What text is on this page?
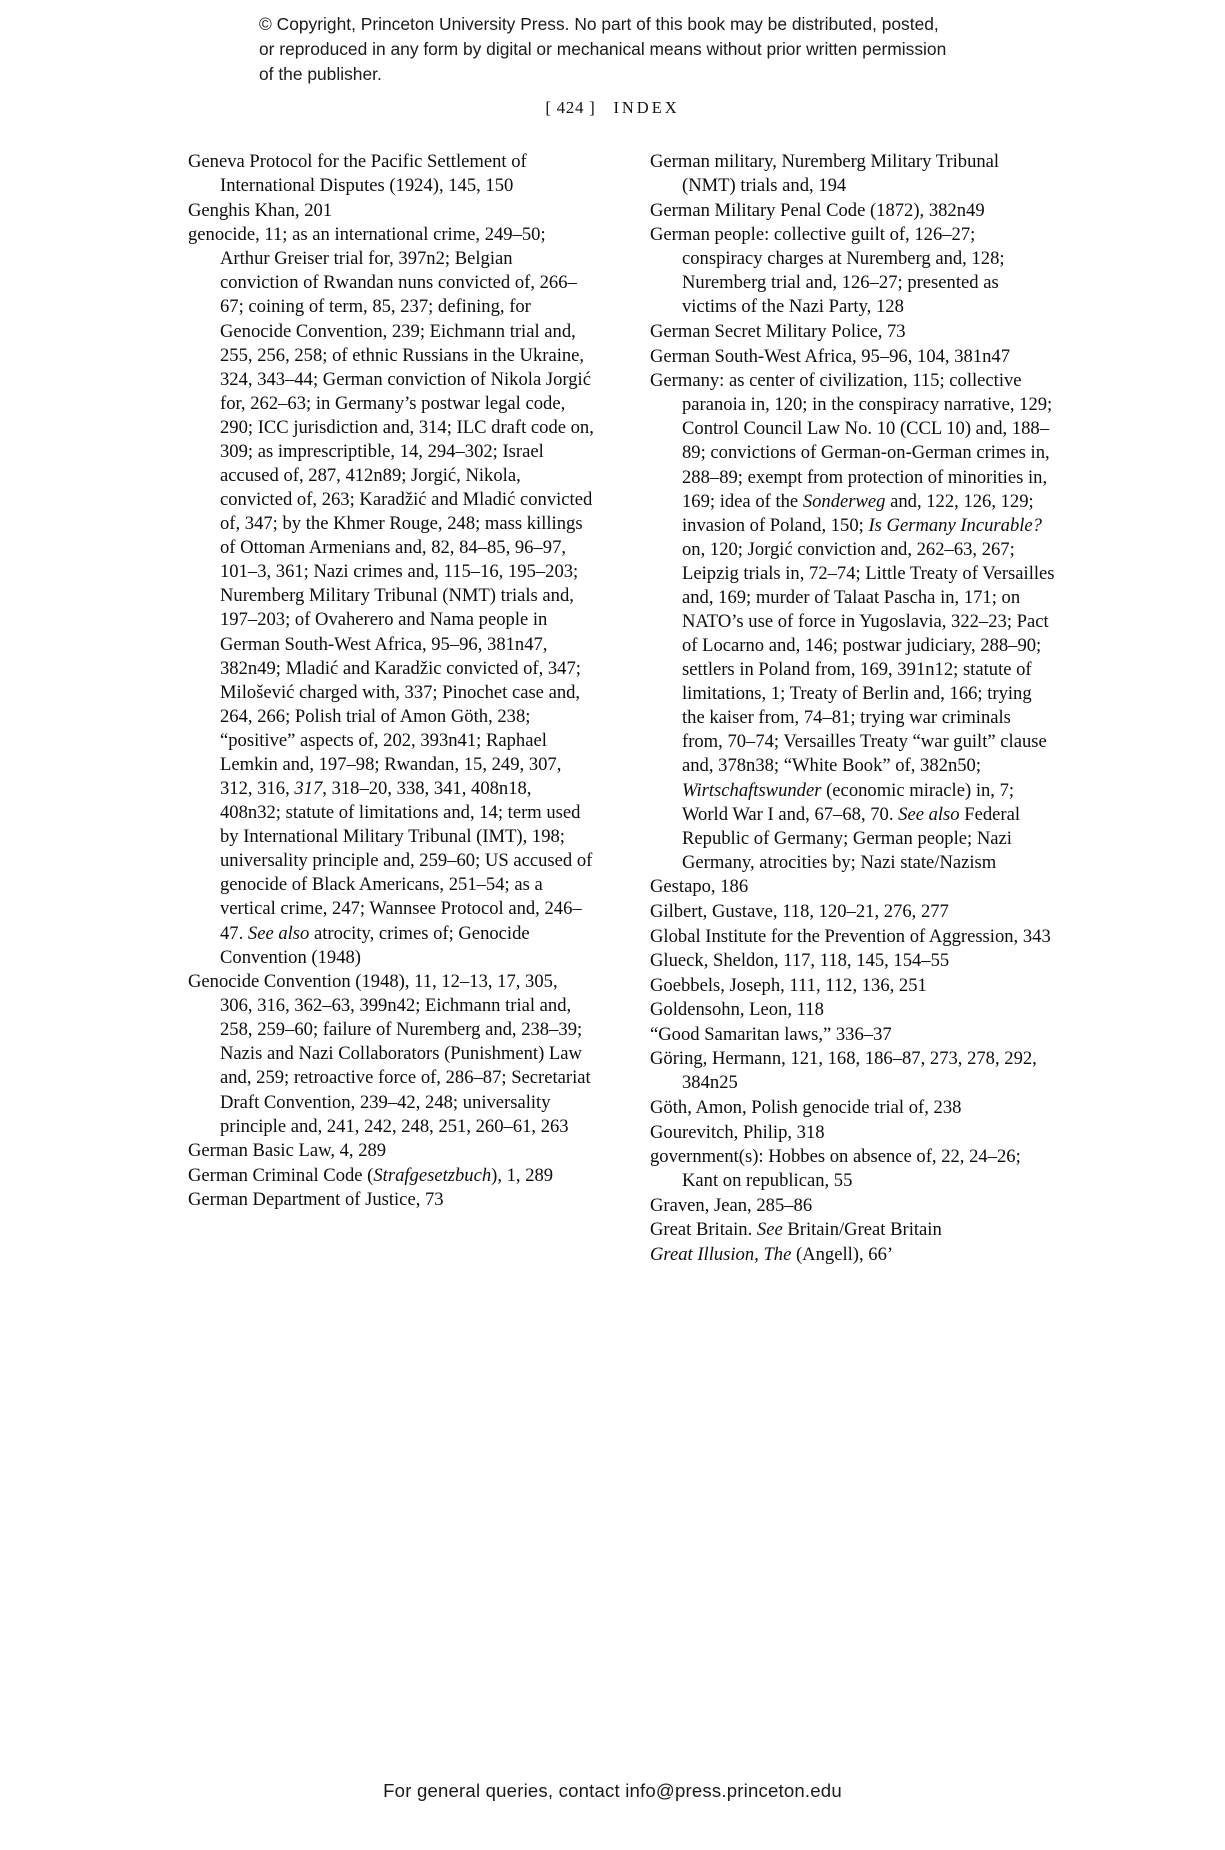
© Copyright, Princeton University Press. No part of this book may be distributed, posted, or reproduced in any form by digital or mechanical means without prior written permission of the publisher.
[ 424 ] INDEX

Geneva Protocol for the Pacific Settlement of International Disputes (1924), 145, 150

Genghis Khan, 201

genocide, 11; as an international crime, 249–50; Arthur Greiser trial for, 397n2; Belgian conviction of Rwandan nuns convicted of, 266–67; coining of term, 85, 237; defining, for Genocide Convention, 239; Eichmann trial and, 255, 256, 258; of ethnic Russians in the Ukraine, 324, 343–44; German conviction of Nikola Jorgić for, 262–63; in Germany’s postwar legal code, 290; ICC jurisdiction and, 314; ILC draft code on, 309; as imprescriptible, 14, 294–302; Israel accused of, 287, 412n89; Jorgić, Nikola, convicted of, 263; Karadžić and Mladić convicted of, 347; by the Khmer Rouge, 248; mass killings of Ottoman Armenians and, 82, 84–85, 96–97, 101–3, 361; Nazi crimes and, 115–16, 195–203; Nuremberg Military Tribunal (NMT) trials and, 197–203; of Ovaherero and Nama people in German South-West Africa, 95–96, 381n47, 382n49; Mladić and Karadžic convicted of, 347; Milošević charged with, 337; Pinochet case and, 264, 266; Polish trial of Amon Göth, 238; “positive” aspects of, 202, 393n41; Raphael Lemkin and, 197–98; Rwandan, 15, 249, 307, 312, 316, 317, 318–20, 338, 341, 408n18, 408n32; statute of limitations and, 14; term used by International Military Tribunal (IMT), 198; universality principle and, 259–60; US accused of genocide of Black Americans, 251–54; as a vertical crime, 247; Wannsee Protocol and, 246–47. See also atrocity, crimes of; Genocide Convention (1948)

Genocide Convention (1948), 11, 12–13, 17, 305, 306, 316, 362–63, 399n42; Eichmann trial and, 258, 259–60; failure of Nuremberg and, 238–39; Nazis and Nazi Collaborators (Punishment) Law and, 259; retroactive force of, 286–87; Secretariat Draft Convention, 239–42, 248; universality principle and, 241, 242, 248, 251, 260–61, 263

German Basic Law, 4, 289

German Criminal Code (Strafgesetzbuch), 1, 289

German Department of Justice, 73

German military, Nuremberg Military Tribunal (NMT) trials and, 194

German Military Penal Code (1872), 382n49

German people: collective guilt of, 126–27; conspiracy charges at Nuremberg and, 128; Nuremberg trial and, 126–27; presented as victims of the Nazi Party, 128

German Secret Military Police, 73

German South-West Africa, 95–96, 104, 381n47

Germany: as center of civilization, 115; collective paranoia in, 120; in the conspiracy narrative, 129; Control Council Law No. 10 (CCL 10) and, 188–89; convictions of German-on-German crimes in, 288–89; exempt from protection of minorities in, 169; idea of the Sonderweg and, 122, 126, 129; invasion of Poland, 150; Is Germany Incurable? on, 120; Jorgić conviction and, 262–63, 267; Leipzig trials in, 72–74; Little Treaty of Versailles and, 169; murder of Talaat Pascha in, 171; on NATO’s use of force in Yugoslavia, 322–23; Pact of Locarno and, 146; postwar judiciary, 288–90; settlers in Poland from, 169, 391n12; statute of limitations, 1; Treaty of Berlin and, 166; trying the kaiser from, 74–81; trying war criminals from, 70–74; Versailles Treaty “war guilt” clause and, 378n38; “White Book” of, 382n50; Wirtschaftswunder (economic miracle) in, 7; World War I and, 67–68, 70. See also Federal Republic of Germany; German people; Nazi Germany, atrocities by; Nazi state/Nazism

Gestapo, 186

Gilbert, Gustave, 118, 120–21, 276, 277

Global Institute for the Prevention of Aggression, 343

Glueck, Sheldon, 117, 118, 145, 154–55

Goebbels, Joseph, 111, 112, 136, 251

Goldensohn, Leon, 118

“Good Samaritan laws,” 336–37

Göring, Hermann, 121, 168, 186–87, 273, 278, 292, 384n25

Göth, Amon, Polish genocide trial of, 238

Gourevitch, Philip, 318

government(s): Hobbes on absence of, 22, 24–26; Kant on republican, 55

Graven, Jean, 285–86

Great Britain. See Britain/Great Britain

Great Illusion, The (Angell), 66’

For general queries, contact info@press.princeton.edu
